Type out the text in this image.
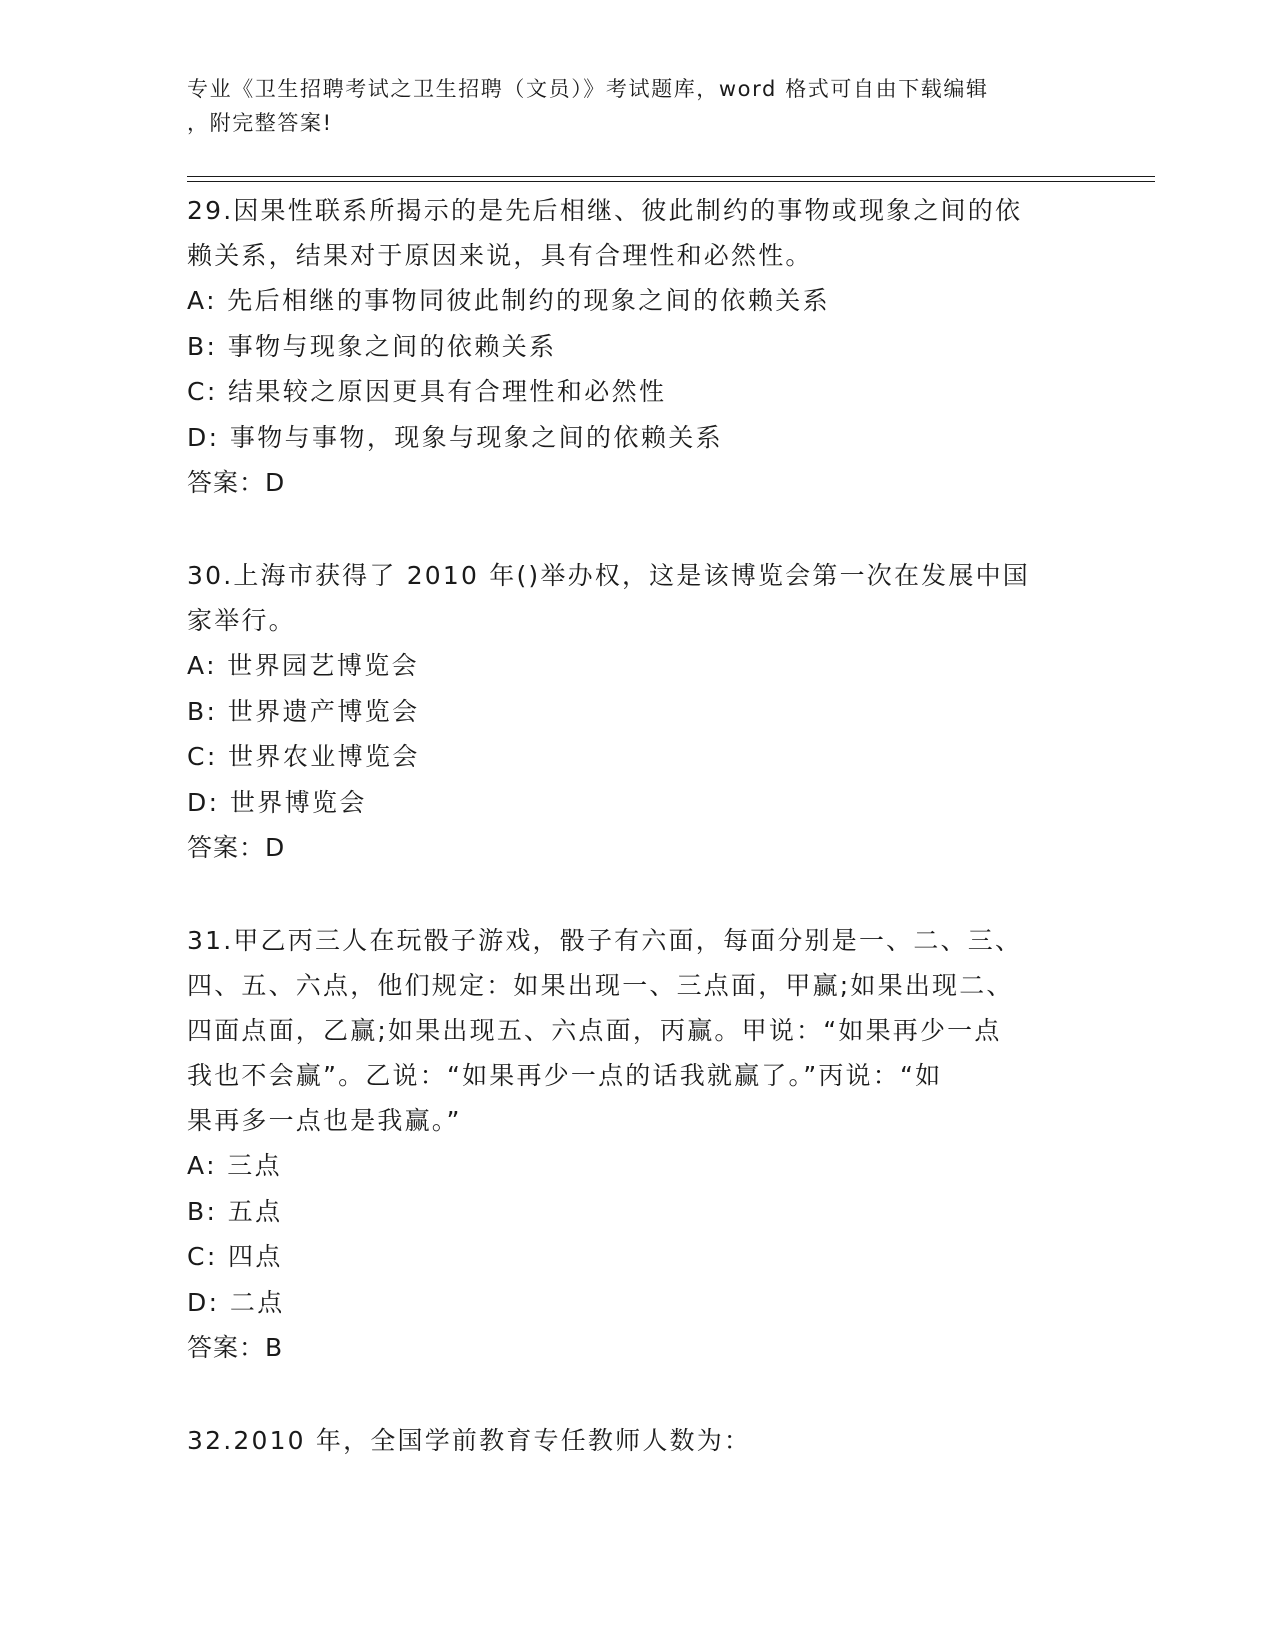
专业《卫生招聘考试之卫生招聘（文员）》考试题库，word 格式可自由下载编辑
，附完整答案!

29.因果性联系所揭示的是先后相继、彼此制约的事物或现象之间的依

赖关系，结果对于原因来说，具有合理性和必然性。

A: 先后相继的事物同彼此制约的现象之间的依赖关系

B: 事物与现象之间的依赖关系

C: 结果较之原因更具有合理性和必然性

D: 事物与事物，现象与现象之间的依赖关系

答案：D

30.上海市获得了 2010 年()举办权，这是该博览会第一次在发展中国

家举行。

A: 世界园艺博览会

B: 世界遗产博览会

C: 世界农业博览会

D: 世界博览会

答案：D

31.甲乙丙三人在玩骰子游戏，骰子有六面，每面分别是一、二、三、

四、五、六点，他们规定：如果出现一、三点面，甲赢;如果出现二、

四面点面，乙赢;如果出现五、六点面，丙赢。甲说：“如果再少一点

我也不会赢”。乙说：“如果再少一点的话我就赢了。”丙说：“如

果再多一点也是我赢。”

A: 三点

B: 五点

C: 四点

D: 二点

答案：B

32.2010 年，全国学前教育专任教师人数为：
